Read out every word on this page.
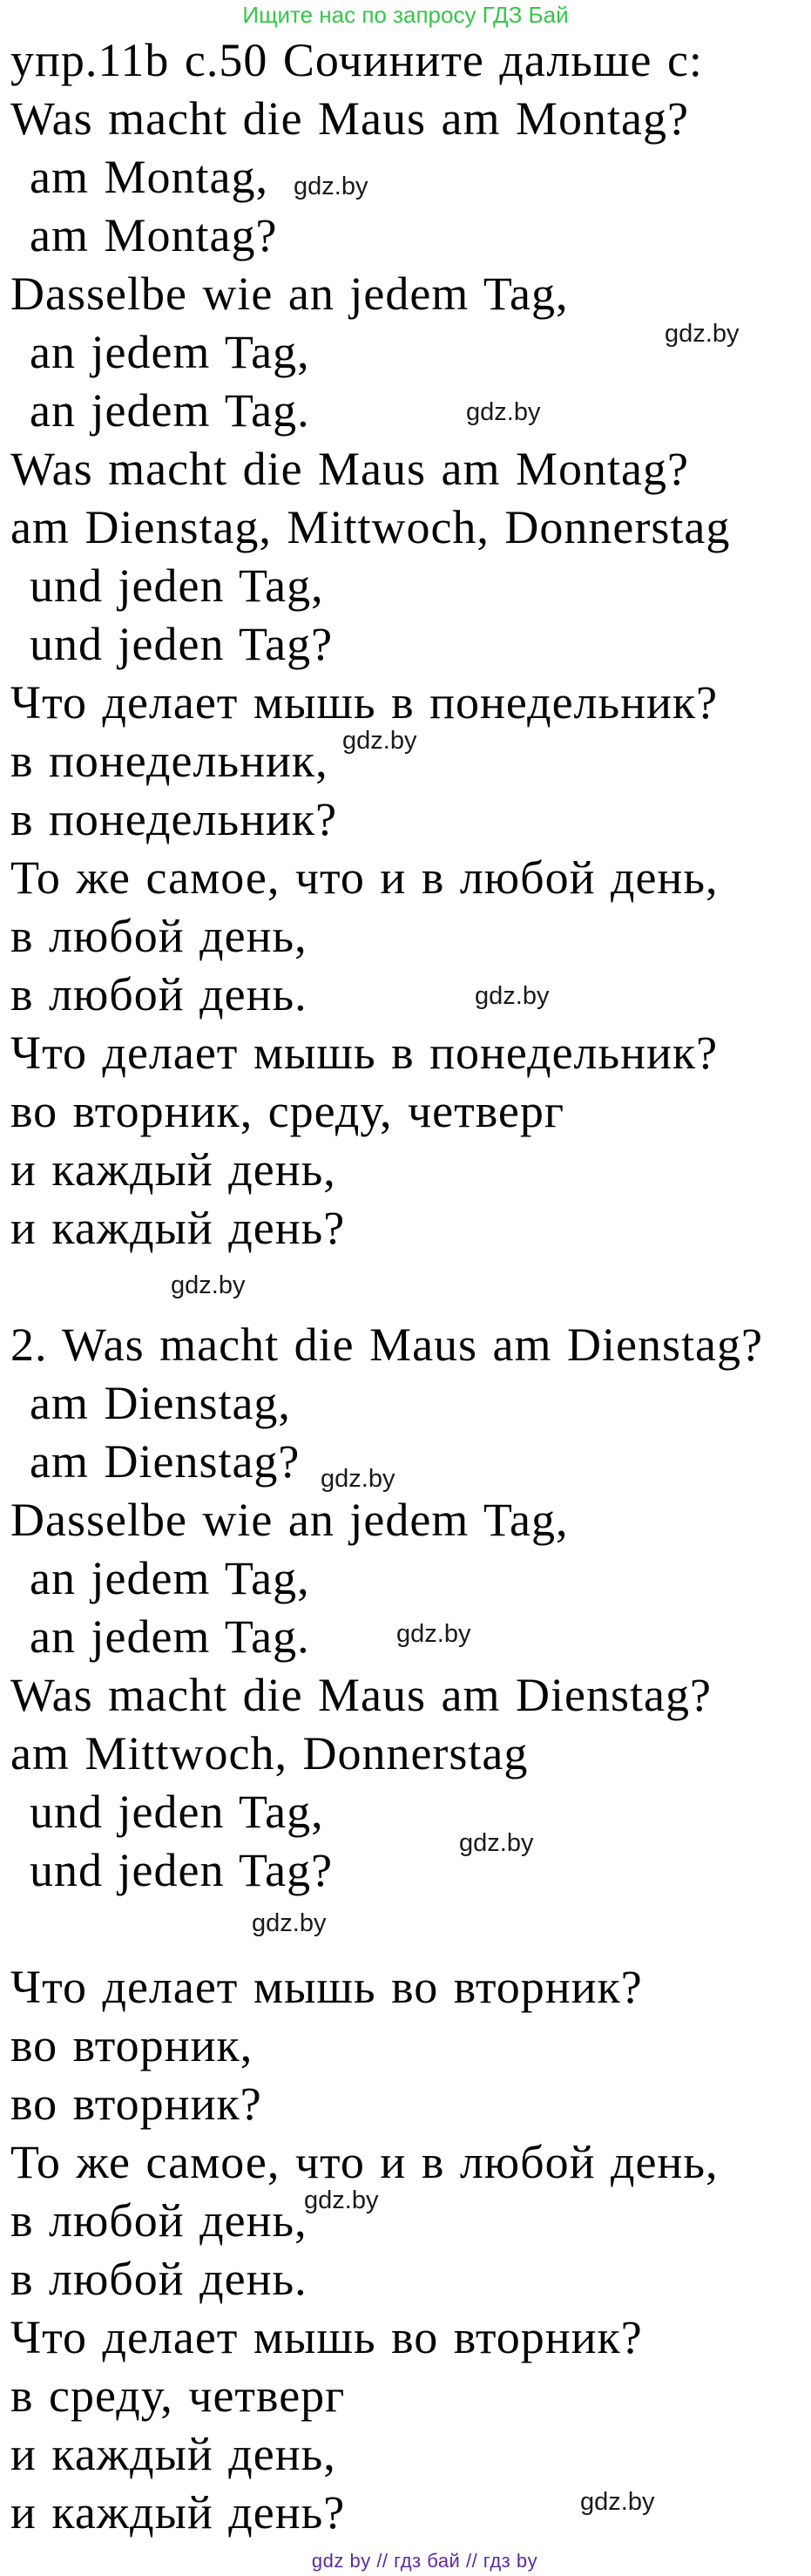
Ищите нас по запросу ГДЗ Бай
упр.11b с.50 Сочините дальше с:
Was macht die Maus am Montag?
am Montag, gdz.by
am Montag?
Dasselbe wie an jedem Tag,
gdz.by
an jedem Tag,
an jedem Tag.	gdz.by
Was macht die Maus am Montag?
am Dienstag, Mittwoch, Donnerstag
und jeden Tag,
und jeden Tag?
Что делает мышь в понедельник?
в понедельник, gdz.by
в понедельник?
То же самое, что и в любой день,
в любой день,
в любой день.	gdz.by
Что делает мышь в понедельник?
во вторник, среду, четверг
и каждый день,
и каждый день?
gdz.by
2. Was macht die Maus am Dienstag?
am Dienstag,
am Dienstag? gdz.by
Dasselbe wie an jedem Tag,
an jedem Tag,
an jedem Tag.	gdz.by
Was macht die Maus am Dienstag?
am Mittwoch, Donnerstag
und jeden Tag,
gdz.by
und jeden Tag?
gdz.by
Что делает мышь во вторник?
во вторник,
во вторник?
То же самое, что и в любой день,
в любой день,
gdz.by
в любой день.
Что делает мышь во вторник?
в среду, четверг
и каждый день,
и каждый день?	gdz.by
gdz by // гдз бай // гдз by
